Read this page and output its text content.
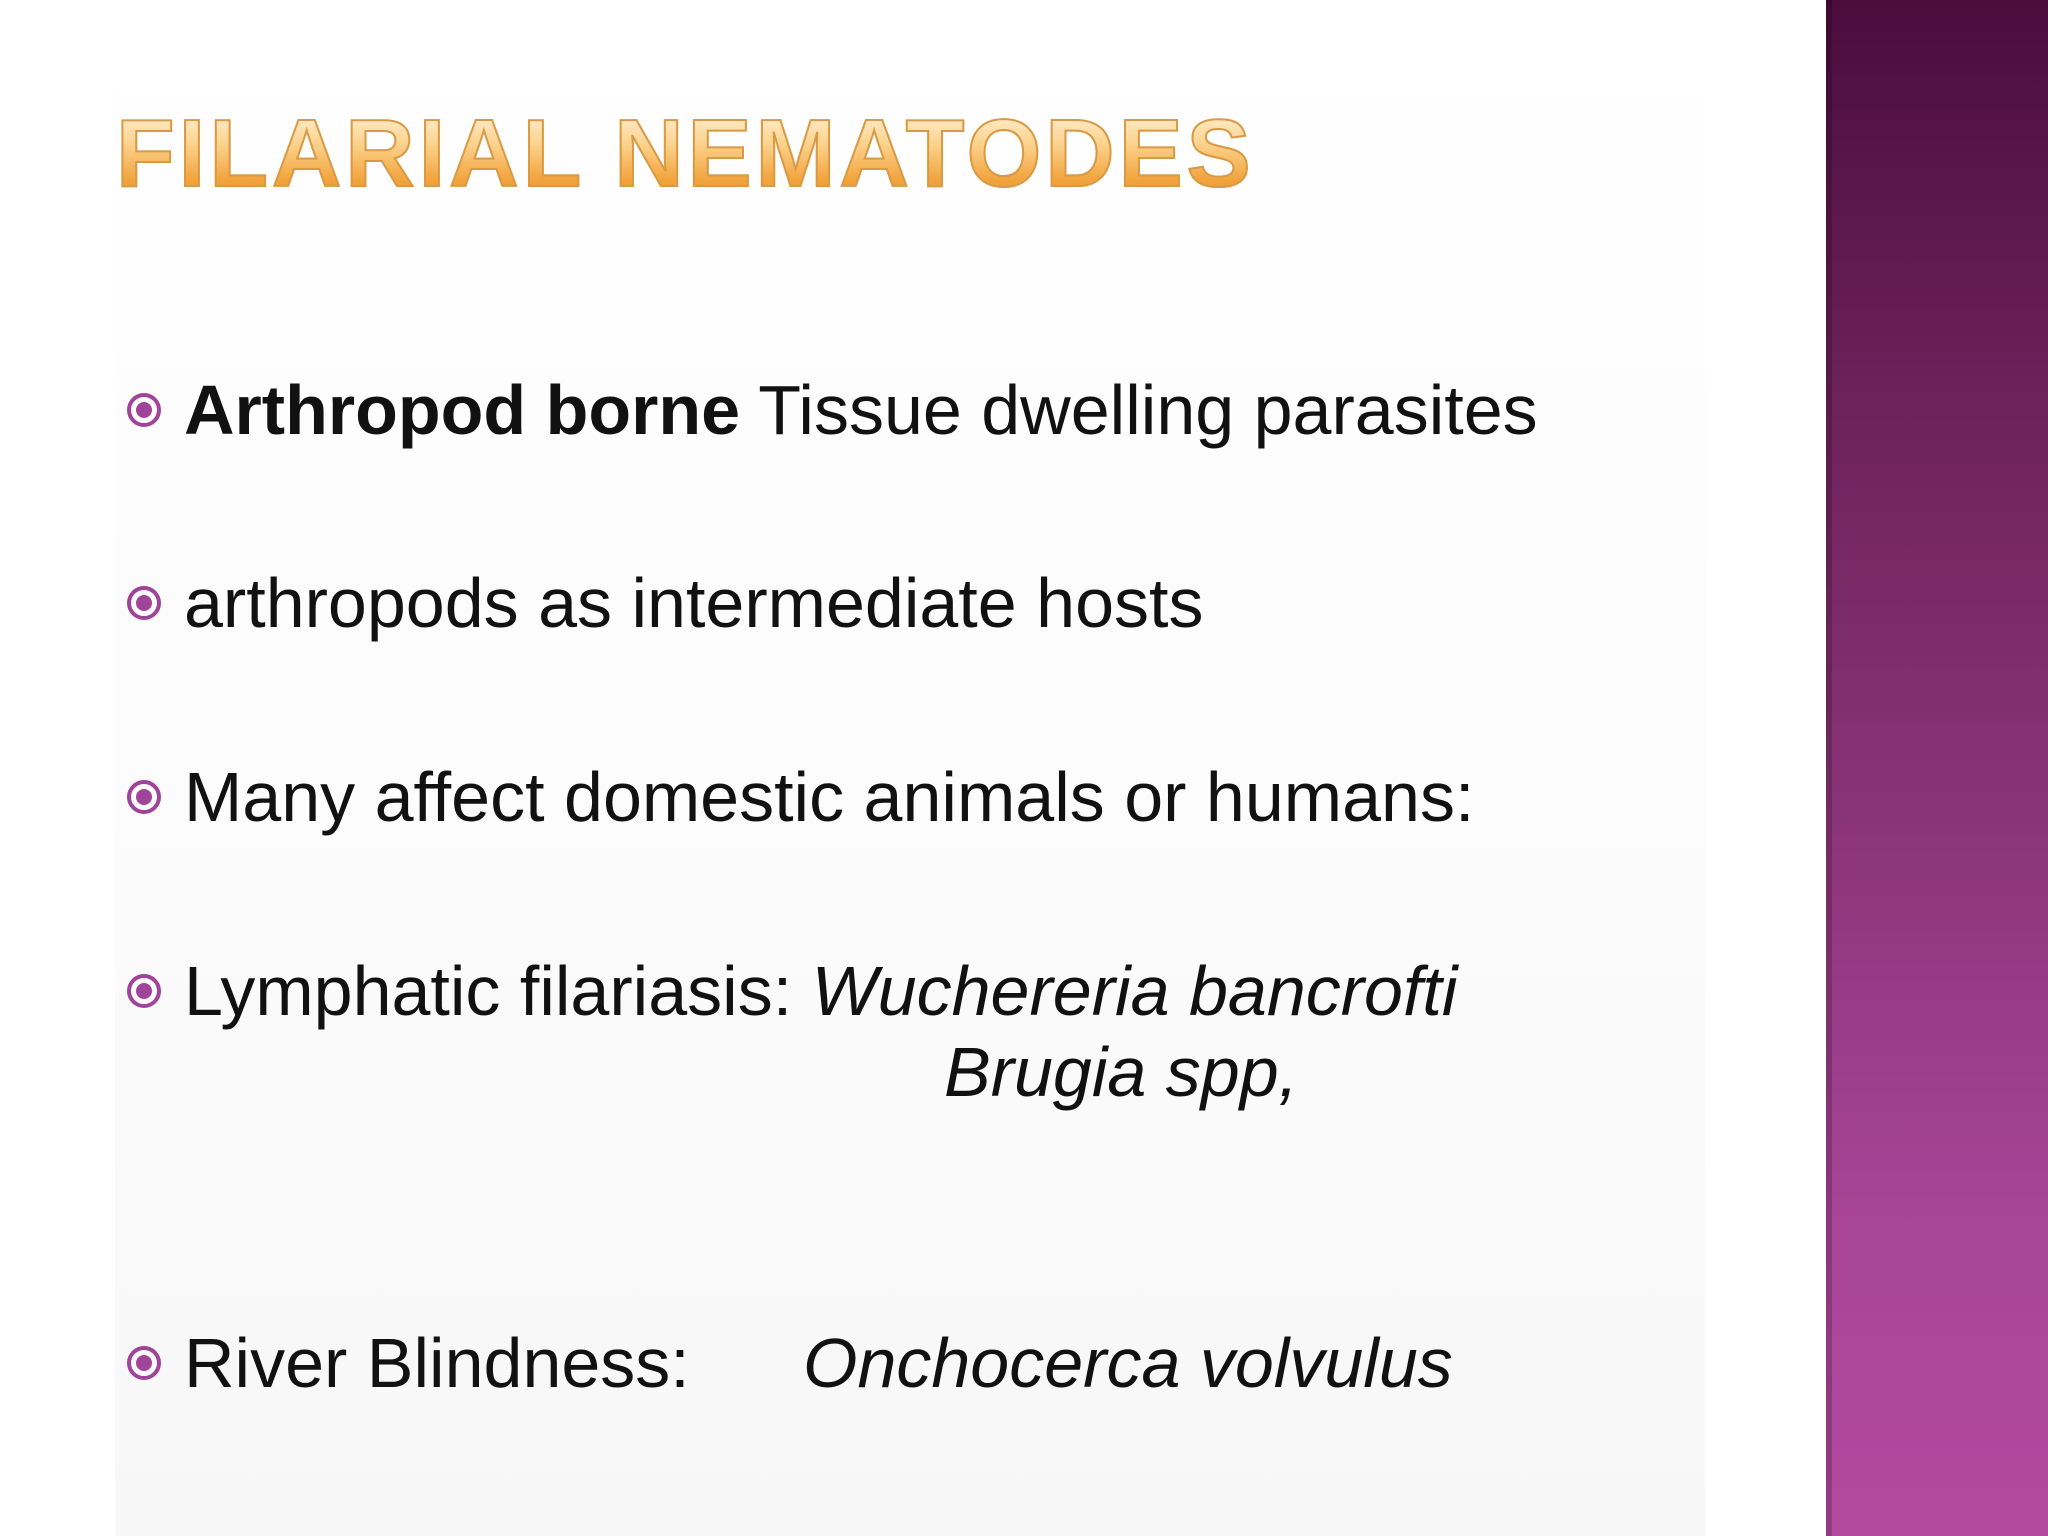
FILARIAL NEMATODES
Arthropod borne Tissue dwelling parasites
arthropods as intermediate hosts
Many affect domestic animals or humans:
Lymphatic filariasis: Wuchereria bancrofti
Brugia spp,
River Blindness: Onchocerca volvulus
